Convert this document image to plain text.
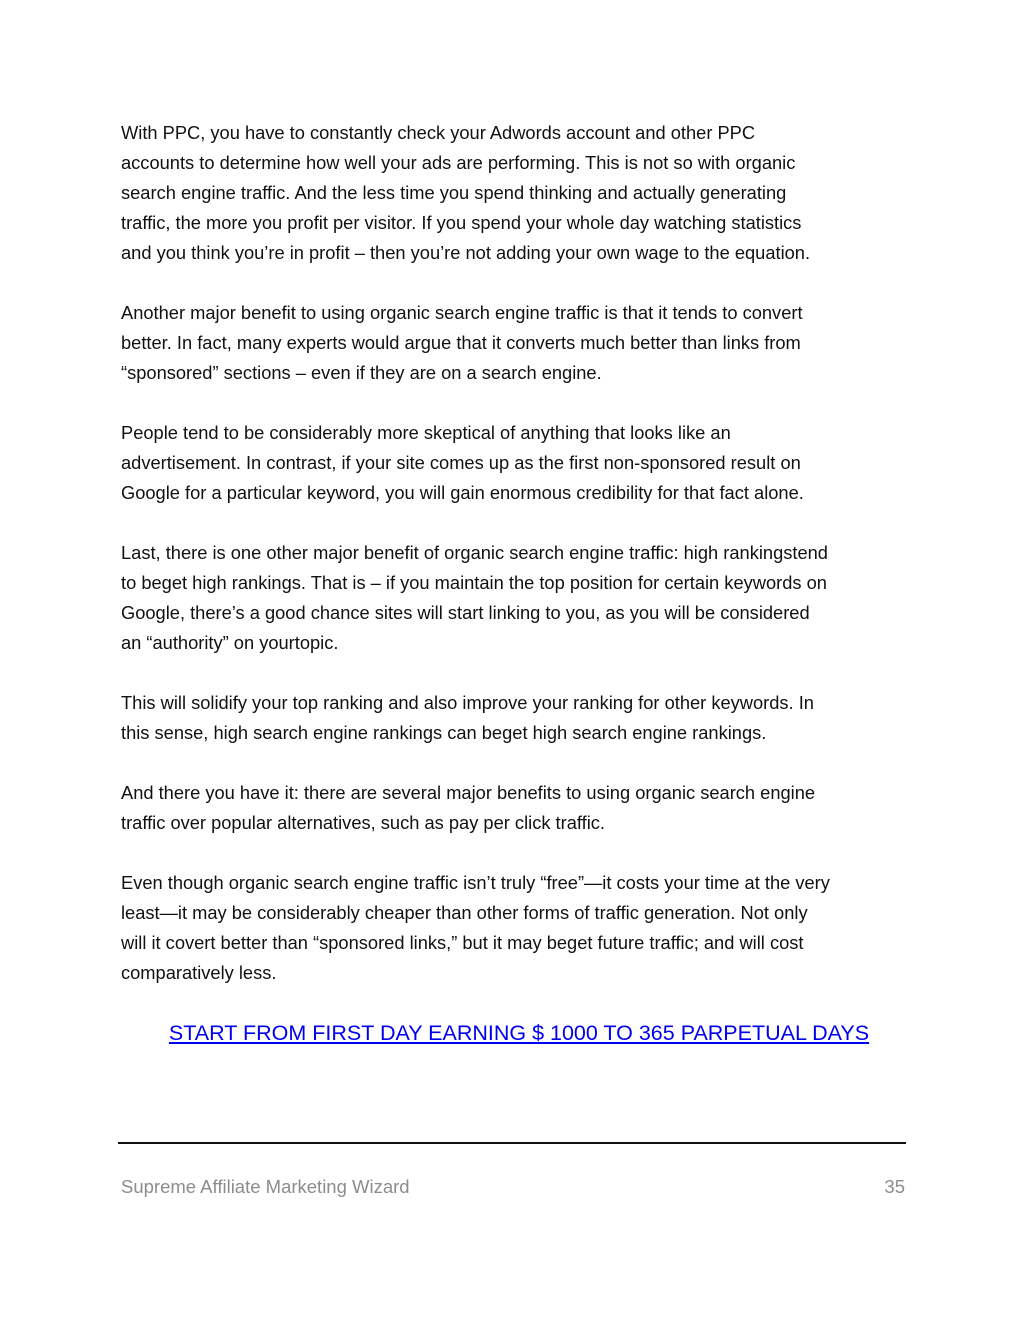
With PPC, you have to constantly check your Adwords account and other PPC
accounts to determine how well your ads are performing. This is not so with organic
search engine traffic. And the less time you spend thinking and actually generating
traffic, the more you profit per visitor. If you spend your whole day watching statistics
and you think you’re in profit – then you’re not adding your own wage to the equation.

Another major benefit to using organic search engine traffic is that it tends to convert
better. In fact, many experts would argue that it converts much better than links from
“sponsored” sections – even if they are on a search engine.

People tend to be considerably more skeptical of anything that looks like an
advertisement. In contrast, if your site comes up as the first non-sponsored result on
Google for a particular keyword, you will gain enormous credibility for that fact alone.

Last, there is one other major benefit of organic search engine traffic: high rankingstend
to beget high rankings. That is – if you maintain the top position for certain keywords on
Google, there’s a good chance sites will start linking to you, as you will be considered
an “authority” on yourtopic.

This will solidify your top ranking and also improve your ranking for other keywords. In
this sense, high search engine rankings can beget high search engine rankings.

And there you have it: there are several major benefits to using organic search engine
traffic over popular alternatives, such as pay per click traffic.

Even though organic search engine traffic isn’t truly “free”—it costs your time at the very
least—it may be considerably cheaper than other forms of traffic generation. Not only
will it covert better than “sponsored links,” but it may beget future traffic; and will cost
comparatively less.

START FROM FIRST DAY EARNING $ 1000 TO 365 PARPETUAL DAYS
Supreme Affiliate Marketing Wizard	35
